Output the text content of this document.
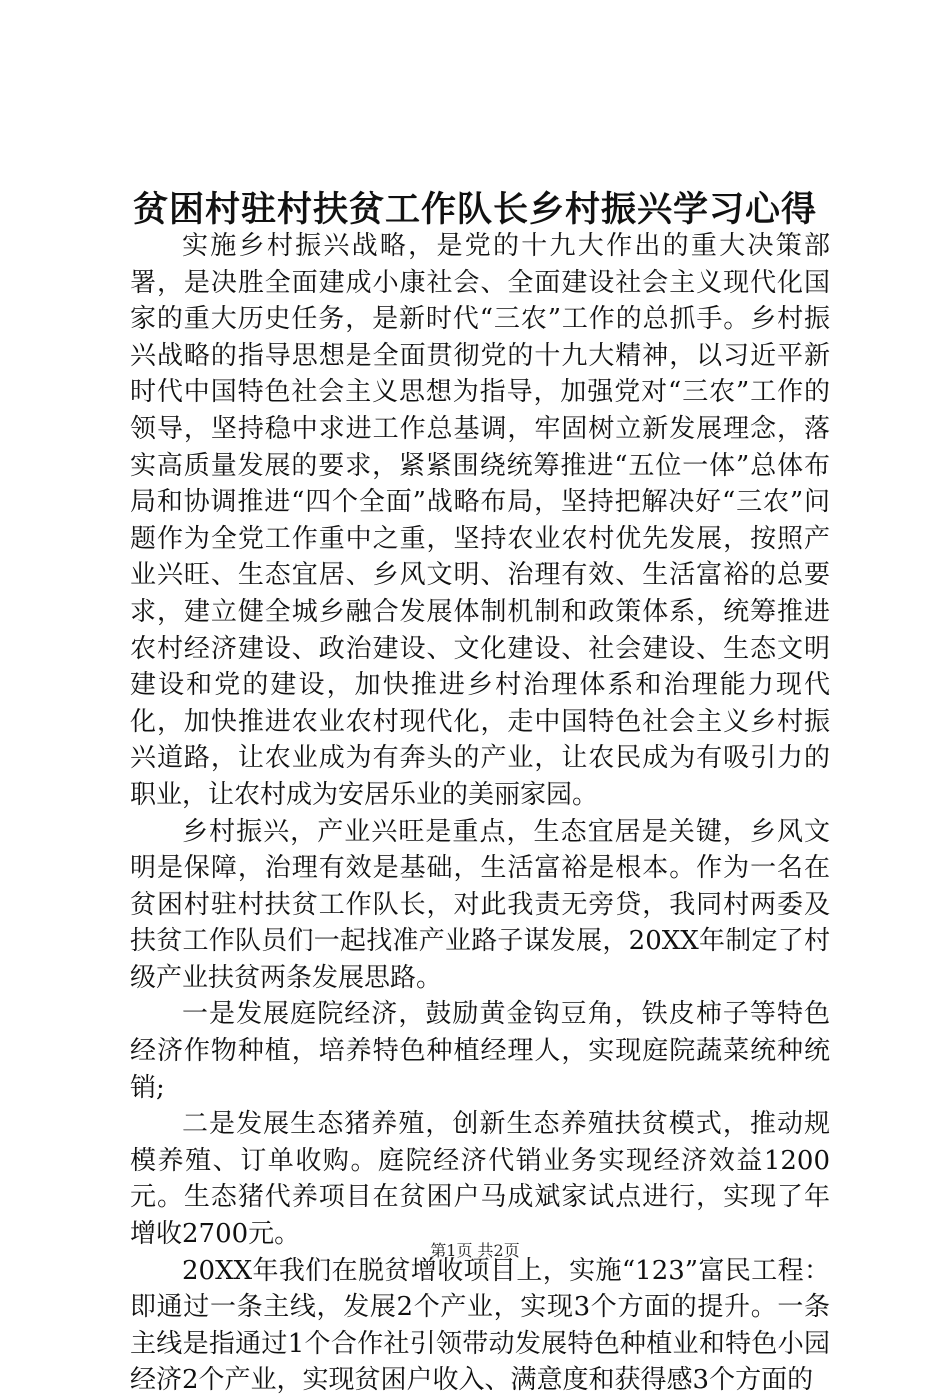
贫困村驻村扶贫工作队长乡村振兴学习心得

实施乡村振兴战略，是党的十九大作出的重大决策部署，是决胜全面建成小康社会、全面建设社会主义现代化国家的重大历史任务，是新时代“三农”工作的总抓手。乡村振兴战略的指导思想是全面贯彻党的十九大精神，以习近平新时代中国特色社会主义思想为指导，加强党对“三农”工作的领导，坚持稳中求进工作总基调，牢固树立新发展理念，落实高质量发展的要求，紧紧围绕统筹推进“五位一体”总体布局和协调推进“四个全面”战略布局，坚持把解决好“三农”问题作为全党工作重中之重，坚持农业农村优先发展，按照产业兴旺、生态宜居、乡风文明、治理有效、生活富裕的总要求，建立健全城乡融合发展体制机制和政策体系，统筹推进农村经济建设、政治建设、文化建设、社会建设、生态文明建设和党的建设，加快推进乡村治理体系和治理能力现代化，加快推进农业农村现代化，走中国特色社会主义乡村振兴道路，让农业成为有奔头的产业，让农民成为有吸引力的职业，让农村成为安居乐业的美丽家园。

乡村振兴，产业兴旺是重点，生态宜居是关键，乡风文明是保障，治理有效是基础，生活富裕是根本。作为一名在贫困村驻村扶贫工作队长，对此我责无旁贷，我同村两委及扶贫工作队员们一起找准产业路子谋发展，20XX年制定了村级产业扶贫两条发展思路。

一是发展庭院经济，鼓励黄金钩豆角，铁皮柿子等特色经济作物种植，培养特色种植经理人，实现庭院蔬菜统种统销;

二是发展生态猪养殖，创新生态养殖扶贫模式，推动规模养殖、订单收购。庭院经济代销业务实现经济效益1200元。生态猪代养项目在贫困户马成斌家试点进行，实现了年增收2700元。

20XX年我们在脱贫增收项目上，实施“123”富民工程：即通过一条主线，发展2个产业，实现3个方面的提升。一条主线是指通过1个合作社引领带动发展特色种植业和特色小园经济2个产业，实现贫困户收入、满意度和获得感3个方面的

第1页 共2页
